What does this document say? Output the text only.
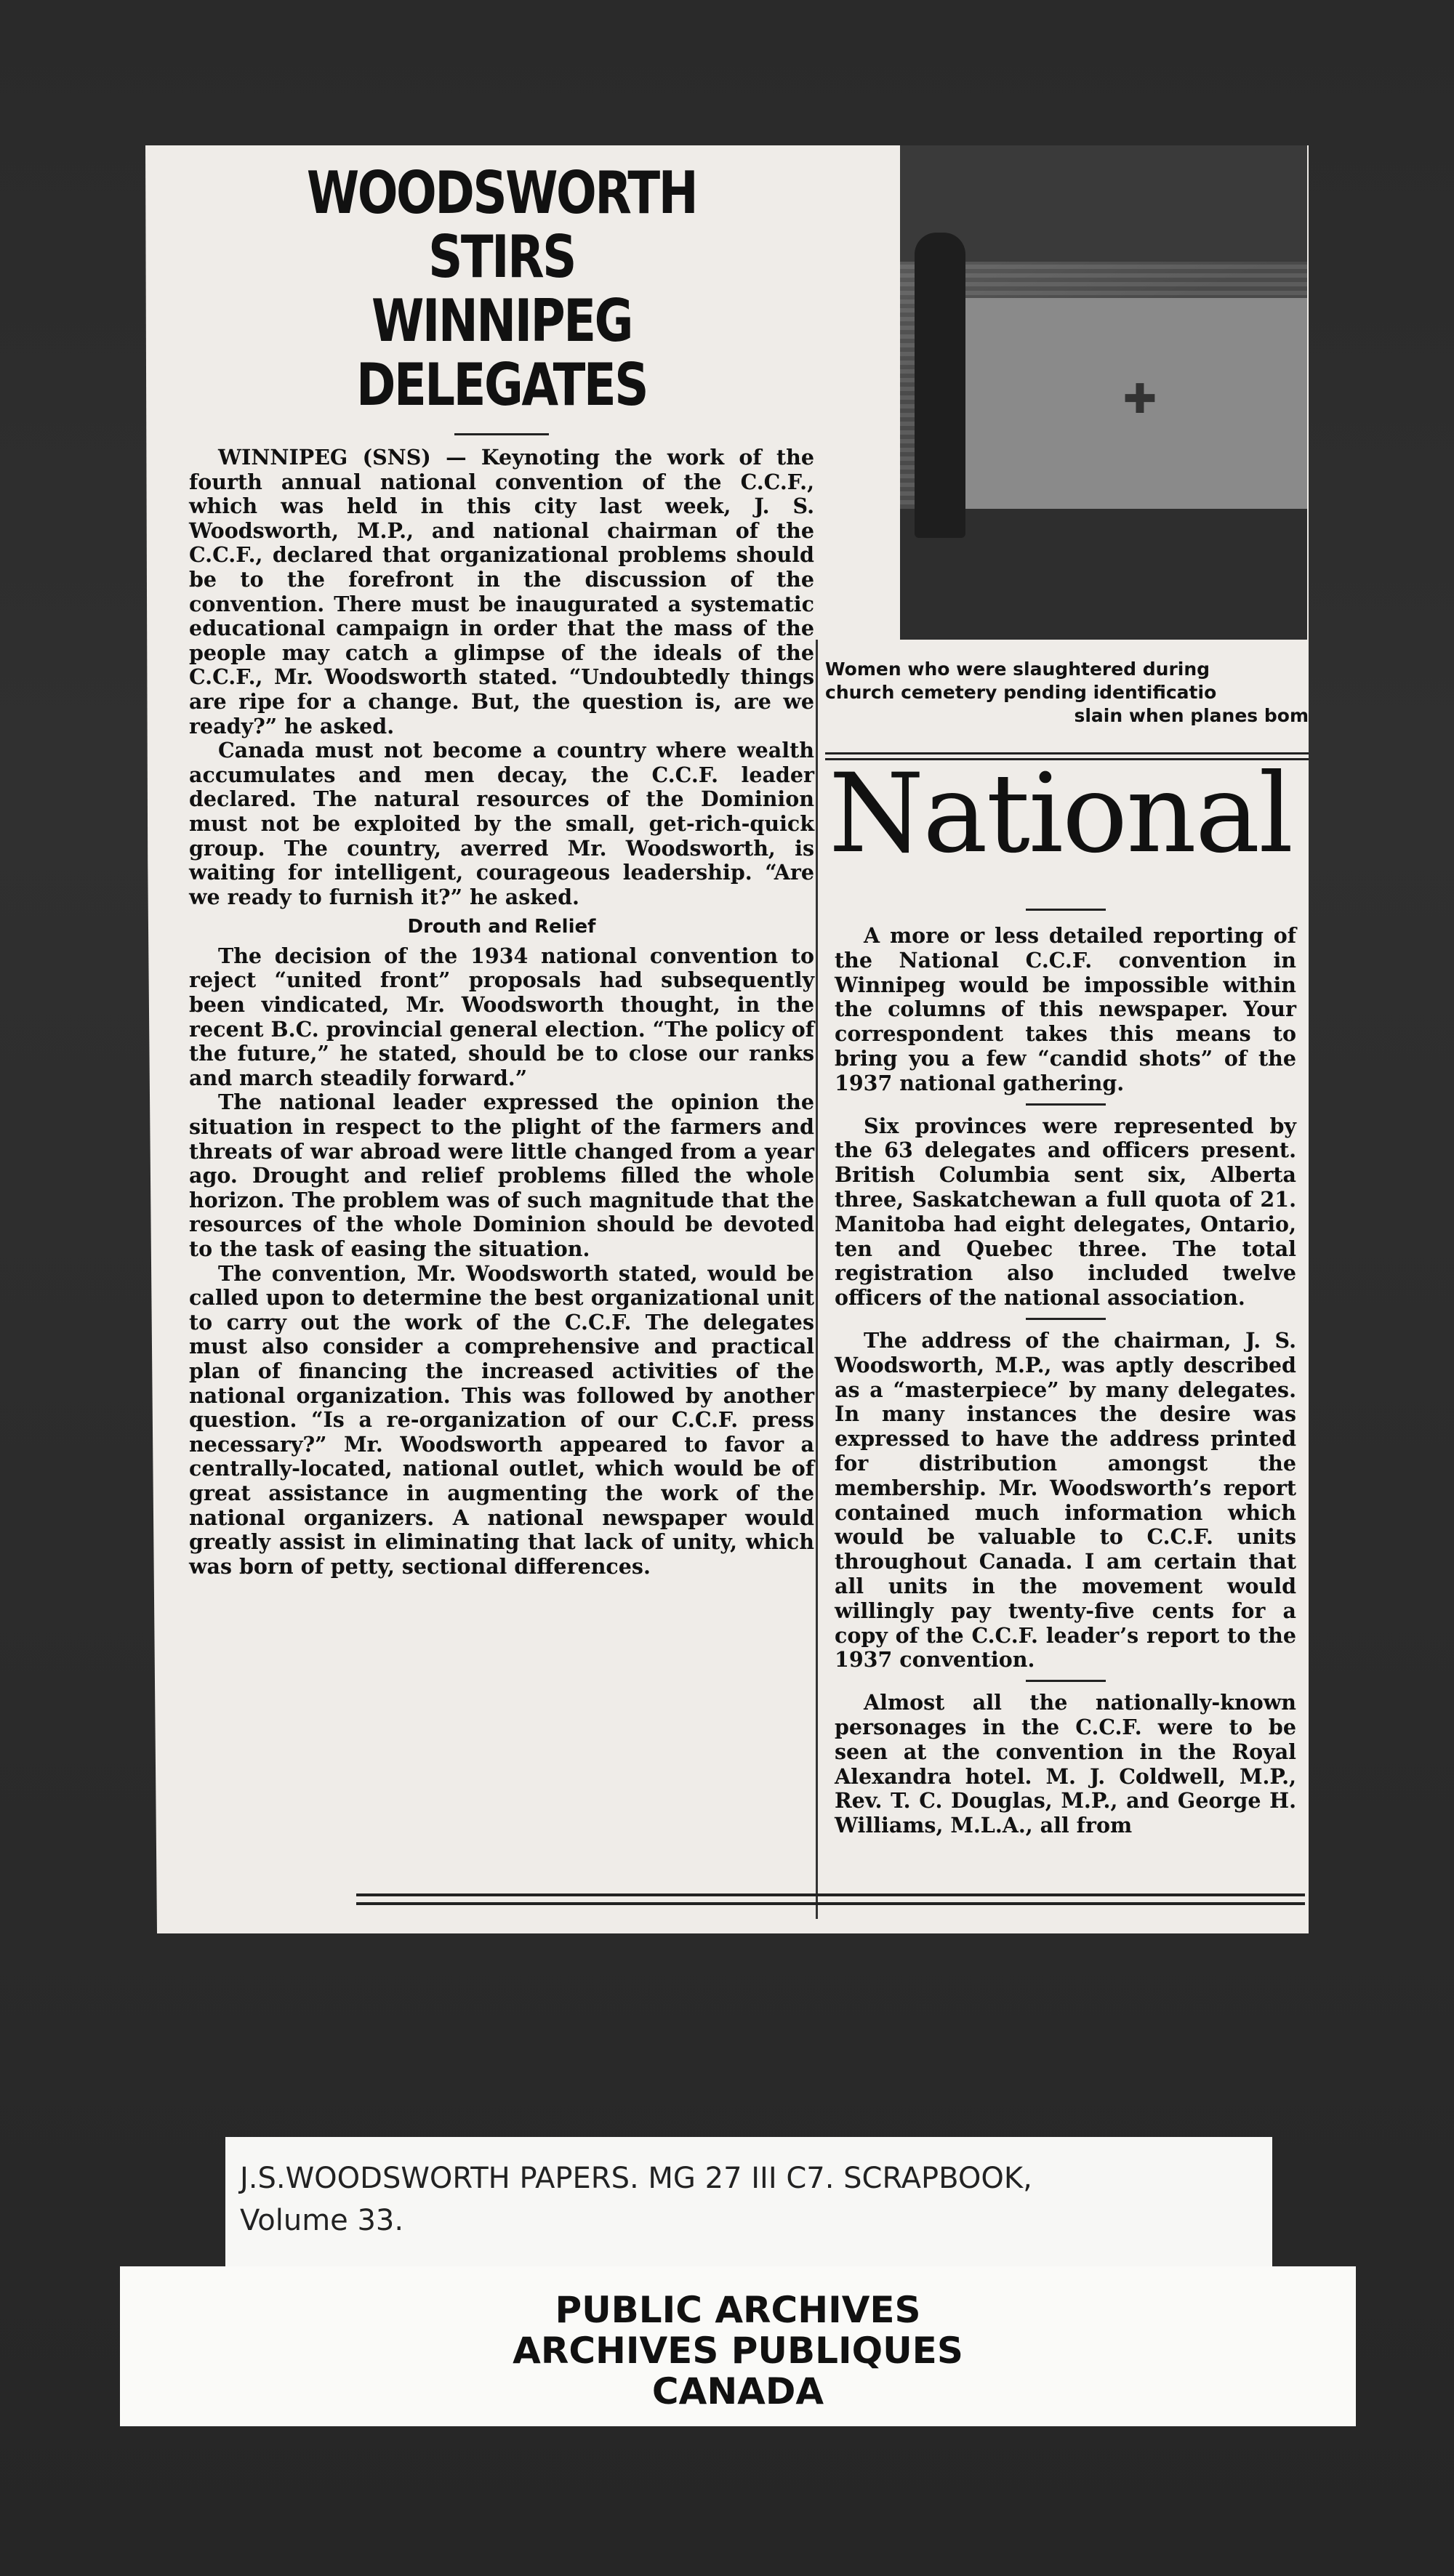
WOODSWORTH STIRS
WINNIPEG DELEGATES

WINNIPEG (SNS) — Keynoting the work of the fourth annual national convention of the C.C.F., which was held in this city last week, J. S. Woodsworth, M.P., and national chairman of the C.C.F., declared that organizational problems should be to the forefront in the discussion of the convention. There must be inaugurated a systematic educational campaign in order that the mass of the people may catch a glimpse of the ideals of the C.C.F., Mr. Woodsworth stated. “Undoubtedly things are ripe for a change. But, the question is, are we ready?” he asked.

Canada must not become a country where wealth accumulates and men decay, the C.C.F. leader declared. The natural resources of the Dominion must not be exploited by the small, get-rich-quick group. The country, averred Mr. Woodsworth, is waiting for intelligent, courageous leadership. “Are we ready to furnish it?” he asked.

Drouth and Relief

The decision of the 1934 national convention to reject “united front” proposals had subsequently been vindicated, Mr. Woodsworth thought, in the recent B.C. provincial general election. “The policy of the future,” he stated, should be to close our ranks and march steadily forward.”

The national leader expressed the opinion the situation in respect to the plight of the farmers and threats of war abroad were little changed from a year ago. Drought and relief problems filled the whole horizon. The problem was of such magnitude that the resources of the whole Dominion should be devoted to the task of easing the situation.

The convention, Mr. Woodsworth stated, would be called upon to determine the best organizational unit to carry out the work of the C.C.F. The delegates must also consider a comprehensive and practical plan of financing the increased activities of the national organization. This was followed by another question. “Is a re-organization of our C.C.F. press necessary?” Mr. Woodsworth appeared to favor a centrally-located, national outlet, which would be of great assistance in augmenting the work of the national organizers. A national newspaper would greatly assist in eliminating that lack of unity, which was born of petty, sectional differences.

✚
Women who were slaughtered during
church cemetery pending identificatio
slain when planes bom
National

A more or less detailed reporting of the National C.C.F. convention in Winnipeg would be impossible within the columns of this newspaper. Your correspondent takes this means to bring you a few “candid shots” of the 1937 national gathering.

Six provinces were represented by the 63 delegates and officers present. British Columbia sent six, Alberta three, Saskatchewan a full quota of 21. Manitoba had eight delegates, Ontario, ten and Quebec three. The total registration also included twelve officers of the national association.

The address of the chairman, J. S. Woodsworth, M.P., was aptly described as a “masterpiece” by many delegates. In many instances the desire was expressed to have the address printed for distribution amongst the membership. Mr. Woodsworth’s report contained much information which would be valuable to C.C.F. units throughout Canada. I am certain that all units in the movement would willingly pay twenty-five cents for a copy of the C.C.F. leader’s report to the 1937 convention.

Almost all the nationally-known personages in the C.C.F. were to be seen at the convention in the Royal Alexandra hotel. M. J. Coldwell, M.P., Rev. T. C. Douglas, M.P., and George H. Williams, M.L.A., all from

J.S.WOODSWORTH PAPERS. MG 27 III C7. SCRAPBOOK,
Volume 33.
PUBLIC ARCHIVES
ARCHIVES PUBLIQUES
CANADA
